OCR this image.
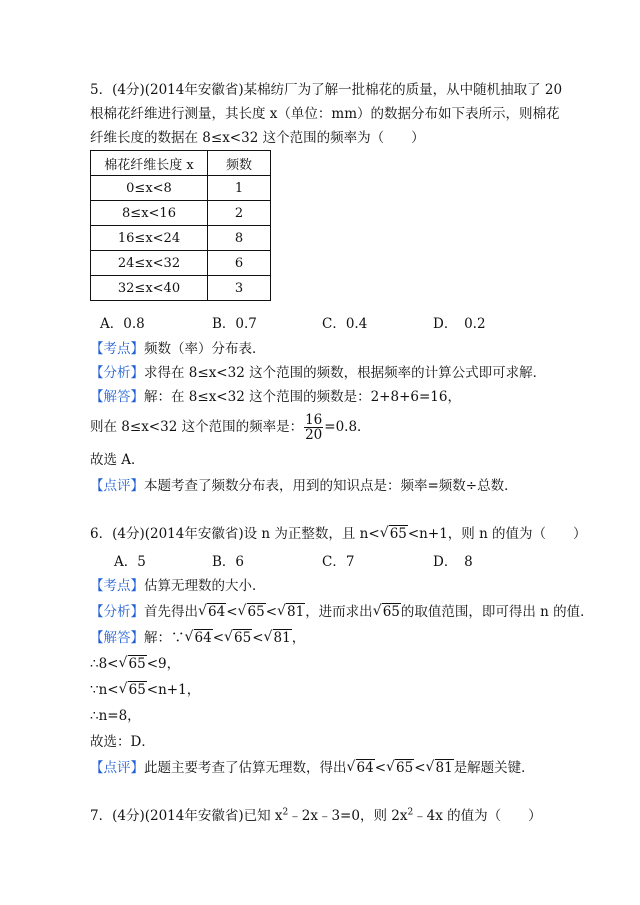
5．(4分)(2014年安徽省)某棉纺厂为了解一批棉花的质量，从中随机抽取了 20
根棉花纤维进行测量，其长度 x（单位：mm）的数据分布如下表所示，则棉花
纤维长度的数据在 8≤x<32 这个范围的频率为（　　）
棉花纤维长度 x	频数
0≤x<8	1
8≤x<16	2
16≤x<24	8
24≤x<32	6
32≤x<40	3
A．0.8	B．0.7	C．0.4	D．　0.2
【考点】频数（率）分布表．
【分析】求得在 8≤x<32 这个范围的频数，根据频率的计算公式即可求解．
【解答】解：在 8≤x<32 这个范围的频数是：2+8+6=16，
则在 8≤x<32 这个范围的频率是： $\frac{16}{20} =0.8$．
故选 A．
【点评】本题考查了频数分布表，用到的知识点是：频率=频数÷总数．
6．(4分)(2014年安徽省)设 n 为正整数，且 n< √ 65<n+1，则 n 的值为（　　）
A．5	B．6	C．7	D．　8
【考点】估算无理数的大小．
【分析】首先得出 √ 64< √ 65< √ 81，进而求出 √ 65的取值范围，即可得出 n 的值．
【解答】解：∵ √ 64< √ 65< √ 81，
∴8< √ 65<9，
∵n< √ 65<n+1，
∴n=8，
故选：D．
【点评】此题主要考查了估算无理数，得出 √ 64< √ 65< √ 81是解题关键．
7．(4分)(2014年安徽省)已知 $x^2﹣2x﹣3=0$，则 $2x^2﹣4x$ 的值为（　　）
